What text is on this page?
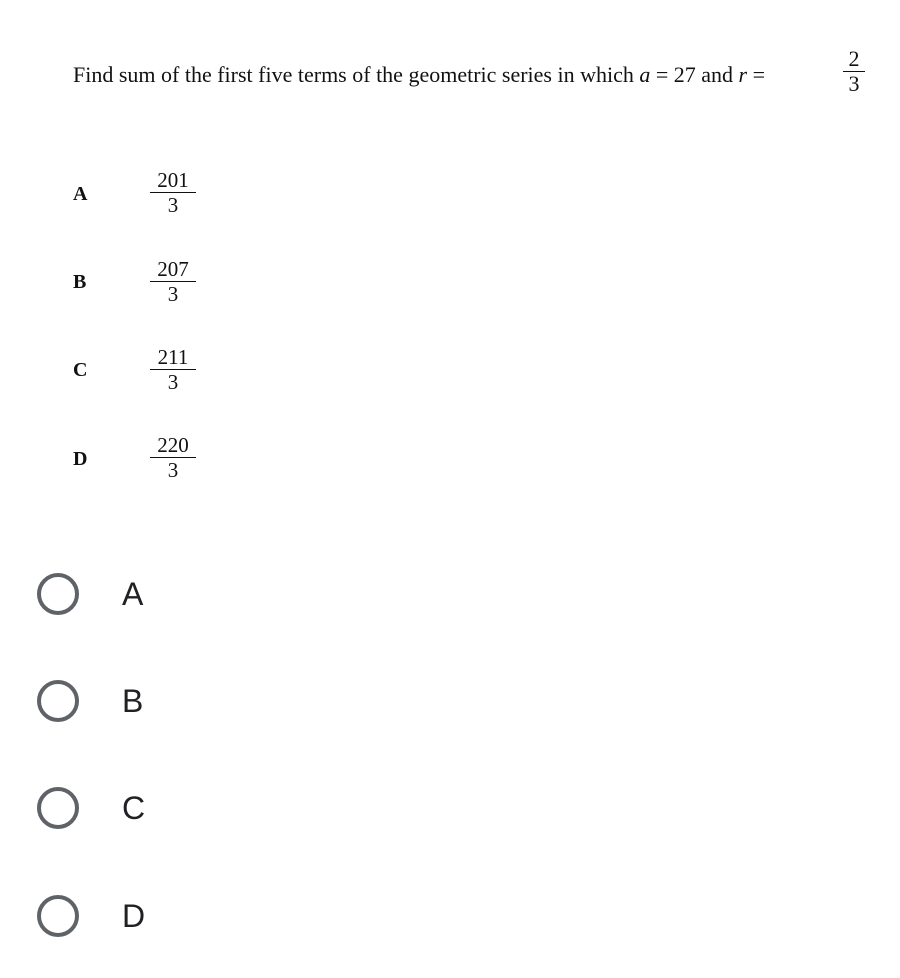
Find sum of the first five terms of the geometric series in which a = 27 and r =
2
3
A
201
3
B
207
3
C
211
3
D
220
3
A
B
C
D
